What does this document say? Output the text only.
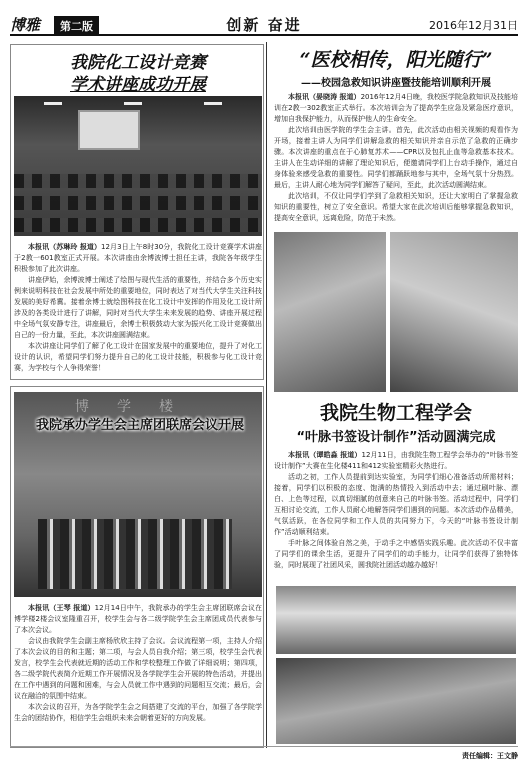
博雅	第二版	创新 奋进	2016年12月31日
我院化工设计竞赛
学术讲座成功开展

本报讯（苏琳玲 报道）12月3日上午8时30分，我院化工设计竞赛学术讲座于2教一601教室正式开展。本次讲座由余博波博士担任主讲，我院各年级学生积极参加了此次讲座。

讲座伊始，余博波博士阐述了绘图与现代生活的重要性，并结合多个历史实例来说明科技在社会发展中所处的重要地位，同时表达了对当代大学生关注科技发展的美好希冀。接着余博士就绘图科技在化工设计中发挥的作用及化工设计所涉及的各类设计进行了讲解，同时对当代大学生未来发展的趋势、讲座开展过程中全场气氛安静专注，讲座最后，余博士积极鼓动大家为振兴化工设计竞赛做出自己的一份力量，至此，本次讲座圆满结束。

本次讲座让同学们了解了化工设计在国家发展中的重要地位，提升了对化工设计的认识，希望同学们努力提升自己的化工设计技能，积极参与化工设计竞赛，为学校与个人争得荣誉！

“医校相传，阳光随行”
——校园急救知识讲座暨技能培训顺利开展

本报讯（晏晓涛 报道）2016年12月4日晚，我校医学院急救知识及技能培训在2教一302教室正式举行。本次培训会为了提高学生应急及紧急医疗意识，增加自我保护能力，从而保护他人的生命安全。

此次培训由医学院的学生会主讲。首先，此次活动由相关视频的观看作为开场，接着主讲人为同学们讲解急救的相关知识并亲自示范了急救的正确步骤。本次讲座的重点在于心肺复苏术——CPR以及包扎止血等急救基本技术。主讲人在生动详细的讲解了理论知识后，便邀请同学们上台动手操作，通过自身体验来感受急救的重要性。同学们都踊跃地参与其中，全场气氛十分热烈。最后，主讲人耐心地为同学们解答了疑问，至此，此次活动圆满结束。

此次培训，不仅让同学们学到了急救相关知识，还让大家明白了掌握急救知识的重要性，树立了安全意识。希望大家在此次培训后能够掌握急救知识，提高安全意识，远离危险，防范于未然。

博学楼
我院承办学生会主席团联席会议开展

本报讯（王琴 报道）12月14日中午，我院承办的学生会主席团联席会议在博学楼2楼会议室隆重召开，校学生会与各二级学院学生会主席团成员代表参与了本次会议。

会议由我院学生会副主席杨欣欣主持了会议。会议流程第一项，主持人介绍了本次会议的目的和主题；第二项，与会人员自我介绍；第三项，校学生会代表发言，校学生会代表就近期的活动工作和学校整理工作做了详细说明；第四项，各二级学院代表简介近期工作开展情况及各学院学生会开展的特色活动，并提出在工作中遇到的问题和困难，与会人员就工作中遇到的问题相互交流；最后，会议在融洽的氛围中结束。

本次会议的召开，为各学院学生会之间搭建了交流的平台，加强了各学院学生会的团结协作，相信学生会组织未来会朝着更好的方向发展。

我院生物工程学会
“叶脉书签设计制作”活动圆满完成

本报讯（谭皓淼 报道）12月11日，由我院生物工程学会举办的“叶脉书签设计制作”大赛在生化楼411和412实验室精彩火热进行。

活动之初，工作人员提前到达实验室，为同学们细心准备活动所需材料；接着，同学们以积极的态度、饱满的热情投入到活动中去；通过刷叶脉、漂白、上色等过程，以真切细腻的创意来自己的叶脉书签。活动过程中，同学们互相讨论交流，工作人员耐心地解答同学们遇到的问题。本次活动作品精美，气氛活跃，在各位同学和工作人员的共同努力下，今天的“叶脉书签设计制作”活动顺利结束。

手叶脉之间体验自然之美，于动手之中感悟实践乐趣。此次活动不仅丰富了同学们的课余生活，更提升了同学们的动手能力，让同学们获得了独特体验，同时展现了社团风采，圆我院社团活动越办越好！

责任编辑：王文静
